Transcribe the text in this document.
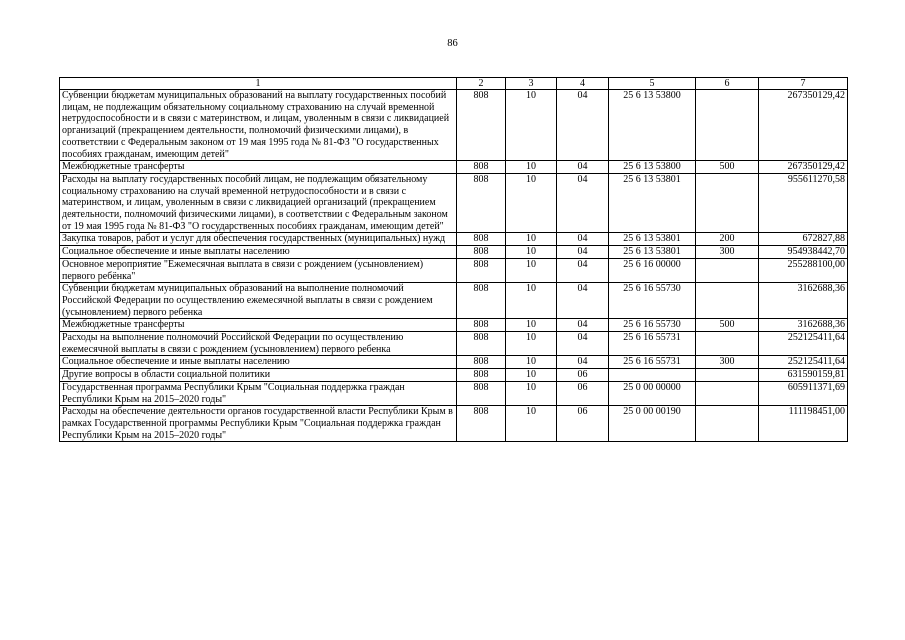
86
1	2	3	4	5	6	7
Субвенции бюджетам муниципальных образований на выплату государственных пособий лицам, не подлежащим обязательному социальному страхованию на случай временной нетрудоспособности и в связи с материнством, и лицам, уволенным в связи с ликвидацией организаций (прекращением деятельности, полномочий физическими лицами), в соответствии с Федеральным законом от 19 мая 1995 года № 81-ФЗ "О государственных пособиях гражданам, имеющим детей"	808	10	04	25 6 13 53800		267350129,42
Межбюджетные трансферты	808	10	04	25 6 13 53800	500	267350129,42
Расходы на выплату государственных пособий лицам, не подлежащим обязательному социальному страхованию на случай временной нетрудоспособности и в связи с материнством, и лицам, уволенным в связи с ликвидацией организаций (прекращением деятельности, полномочий физическими лицами), в соответствии с Федеральным законом от 19 мая 1995 года № 81-ФЗ "О государственных пособиях гражданам, имеющим детей"	808	10	04	25 6 13 53801		955611270,58
Закупка товаров, работ и услуг для обеспечения государственных (муниципальных) нужд	808	10	04	25 6 13 53801	200	672827,88
Социальное обеспечение и иные выплаты населению	808	10	04	25 6 13 53801	300	954938442,70
Основное мероприятие "Ежемесячная выплата в связи с рождением (усыновлением) первого ребёнка"	808	10	04	25 6 16 00000		255288100,00
Субвенции бюджетам муниципальных образований на выполнение полномочий Российской Федерации по осуществлению ежемесячной выплаты в связи с рождением (усыновлением) первого ребенка	808	10	04	25 6 16 55730		3162688,36
Межбюджетные трансферты	808	10	04	25 6 16 55730	500	3162688,36
Расходы на выполнение полномочий Российской Федерации по осуществлению ежемесячной выплаты в связи с рождением (усыновлением) первого ребенка	808	10	04	25 6 16 55731		252125411,64
Социальное обеспечение и иные выплаты населению	808	10	04	25 6 16 55731	300	252125411,64
Другие вопросы в области социальной политики	808	10	06			631590159,81
Государственная программа Республики Крым "Социальная поддержка граждан Республики Крым на 2015–2020 годы"	808	10	06	25 0 00 00000		605911371,69
Расходы на обеспечение деятельности органов государственной власти Республики Крым в рамках Государственной программы Республики Крым "Социальная поддержка граждан Республики Крым на 2015–2020 годы"	808	10	06	25 0 00 00190		111198451,00
